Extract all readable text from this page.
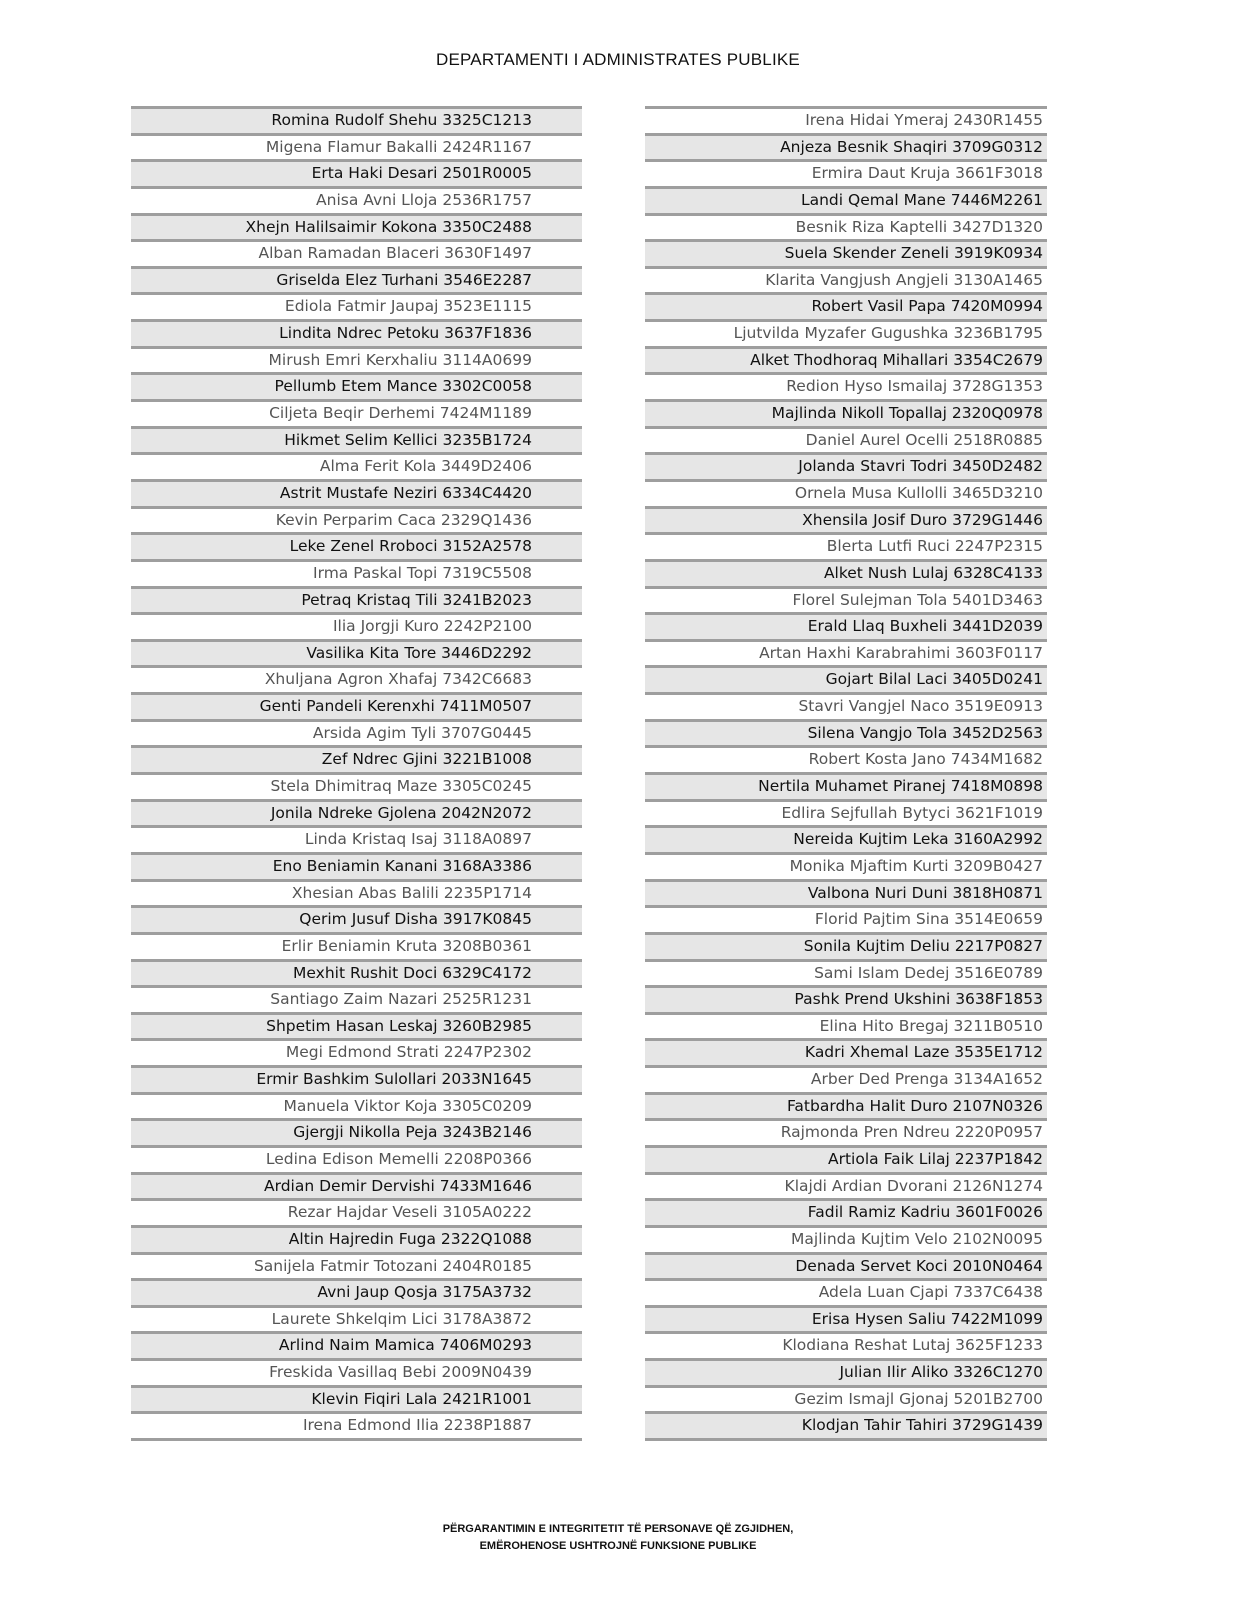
DEPARTAMENTI I ADMINISTRATES PUBLIKE
Romina Rudolf Shehu 3325C1213
Migena Flamur Bakalli 2424R1167
Erta Haki Desari 2501R0005
Anisa Avni Lloja 2536R1757
Xhejn Halilsaimir Kokona 3350C2488
Alban Ramadan Blaceri 3630F1497
Griselda Elez Turhani 3546E2287
Ediola Fatmir Jaupaj 3523E1115
Lindita Ndrec Petoku 3637F1836
Mirush Emri Kerxhaliu 3114A0699
Pellumb Etem Mance 3302C0058
Ciljeta Beqir Derhemi 7424M1189
Hikmet Selim Kellici 3235B1724
Alma Ferit Kola 3449D2406
Astrit Mustafe Neziri 6334C4420
Kevin Perparim Caca 2329Q1436
Leke Zenel Rroboci 3152A2578
Irma Paskal Topi 7319C5508
Petraq Kristaq Tili 3241B2023
Ilia Jorgji Kuro 2242P2100
Vasilika Kita Tore 3446D2292
Xhuljana Agron Xhafaj 7342C6683
Genti Pandeli Kerenxhi 7411M0507
Arsida Agim Tyli 3707G0445
Zef Ndrec Gjini 3221B1008
Stela Dhimitraq Maze 3305C0245
Jonila Ndreke Gjolena 2042N2072
Linda Kristaq Isaj 3118A0897
Eno Beniamin Kanani 3168A3386
Xhesian Abas Balili 2235P1714
Qerim Jusuf Disha 3917K0845
Erlir Beniamin Kruta 3208B0361
Mexhit Rushit Doci 6329C4172
Santiago Zaim Nazari 2525R1231
Shpetim Hasan Leskaj 3260B2985
Megi Edmond Strati 2247P2302
Ermir Bashkim Sulollari 2033N1645
Manuela Viktor Koja 3305C0209
Gjergji Nikolla Peja 3243B2146
Ledina Edison Memelli 2208P0366
Ardian Demir Dervishi 7433M1646
Rezar Hajdar Veseli 3105A0222
Altin Hajredin Fuga 2322Q1088
Sanijela Fatmir Totozani 2404R0185
Avni Jaup Qosja 3175A3732
Laurete Shkelqim Lici 3178A3872
Arlind Naim Mamica 7406M0293
Freskida Vasillaq Bebi 2009N0439
Klevin Fiqiri Lala 2421R1001
Irena Edmond Ilia 2238P1887
Irena Hidai Ymeraj 2430R1455
Anjeza Besnik Shaqiri 3709G0312
Ermira Daut Kruja 3661F3018
Landi Qemal Mane 7446M2261
Besnik Riza Kaptelli 3427D1320
Suela Skender Zeneli 3919K0934
Klarita Vangjush Angjeli 3130A1465
Robert Vasil Papa 7420M0994
Ljutvilda Myzafer Gugushka 3236B1795
Alket Thodhoraq Mihallari 3354C2679
Redion Hyso Ismailaj 3728G1353
Majlinda Nikoll Topallaj 2320Q0978
Daniel Aurel Ocelli 2518R0885
Jolanda Stavri Todri 3450D2482
Ornela Musa Kullolli 3465D3210
Xhensila Josif Duro 3729G1446
Blerta Lutfi Ruci 2247P2315
Alket Nush Lulaj 6328C4133
Florel Sulejman Tola 5401D3463
Erald Llaq Buxheli 3441D2039
Artan Haxhi Karabrahimi 3603F0117
Gojart Bilal Laci 3405D0241
Stavri Vangjel Naco 3519E0913
Silena Vangjo Tola 3452D2563
Robert Kosta Jano 7434M1682
Nertila Muhamet Piranej 7418M0898
Edlira Sejfullah Bytyci 3621F1019
Nereida Kujtim Leka 3160A2992
Monika Mjaftim Kurti 3209B0427
Valbona Nuri Duni 3818H0871
Florid Pajtim Sina 3514E0659
Sonila Kujtim Deliu 2217P0827
Sami Islam Dedej 3516E0789
Pashk Prend Ukshini 3638F1853
Elina Hito Bregaj 3211B0510
Kadri Xhemal Laze 3535E1712
Arber Ded Prenga 3134A1652
Fatbardha Halit Duro 2107N0326
Rajmonda Pren Ndreu 2220P0957
Artiola Faik Lilaj 2237P1842
Klajdi Ardian Dvorani 2126N1274
Fadil Ramiz Kadriu 3601F0026
Majlinda Kujtim Velo 2102N0095
Denada Servet Koci 2010N0464
Adela Luan Cjapi 7337C6438
Erisa Hysen Saliu 7422M1099
Klodiana Reshat Lutaj 3625F1233
Julian Ilir Aliko 3326C1270
Gezim Ismajl Gjonaj 5201B2700
Klodjan Tahir Tahiri 3729G1439
PËRGARANTIMIN E INTEGRITETIT TË PERSONAVE QË ZGJIDHEN,
EMËROHENOSE USHTROJNË FUNKSIONE PUBLIKE
